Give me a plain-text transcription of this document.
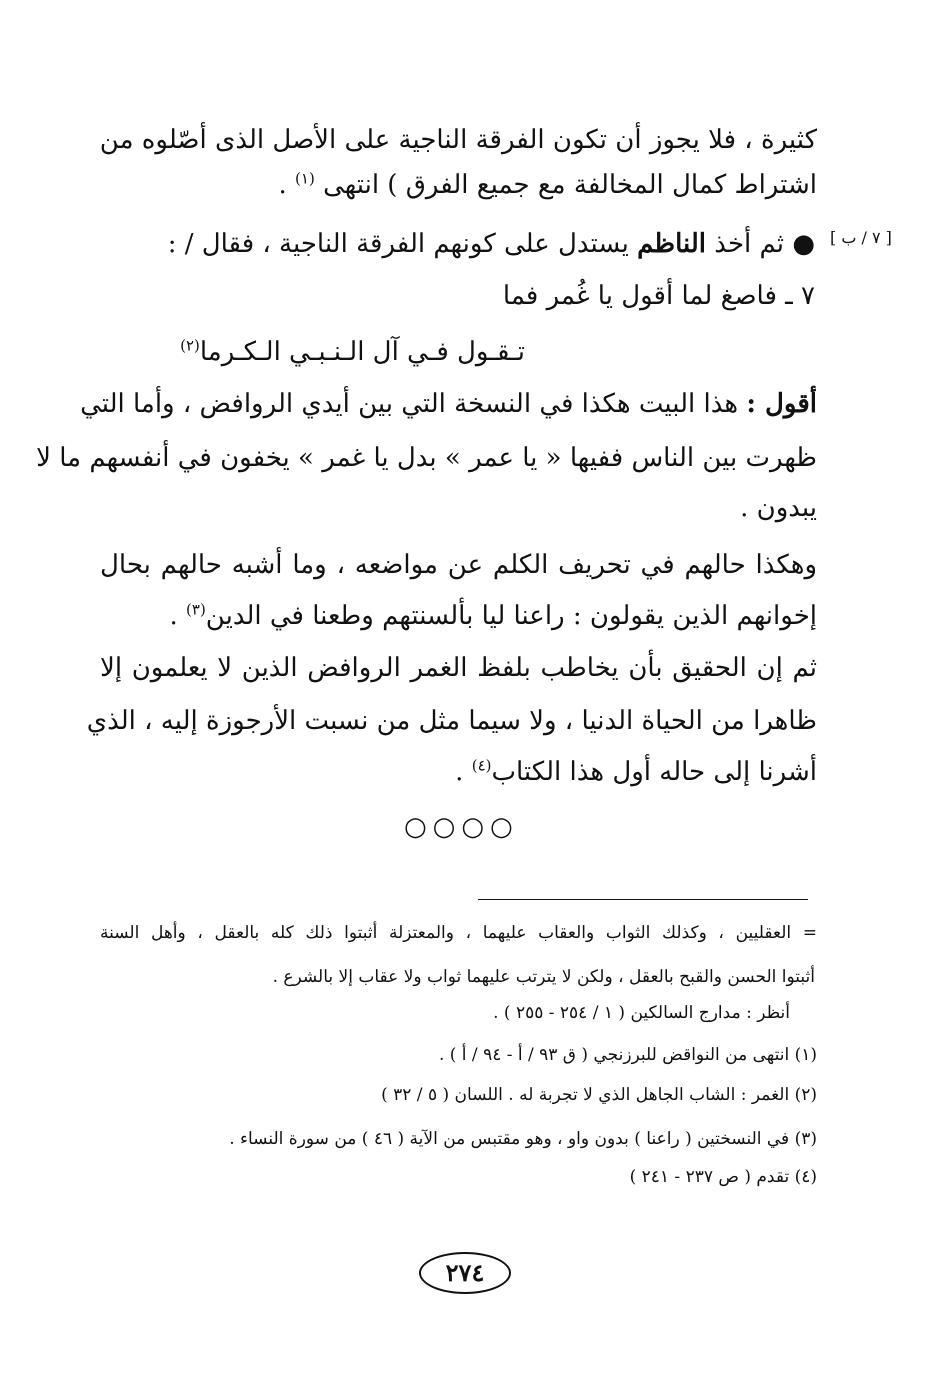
كثيرة ، فلا يجوز أن تكون الفرقة الناجية على الأصل الذى أصّلوه من
اشتراط كمال المخالفة مع جميع الفرق ) انتهى $^{(١)}$ .
[ ٧ / ب ]
● ثم أخذ الناظم يستدل على كونهم الفرقة الناجية ، فقال / :
٧ ـ فاصغ لما أقول يا غُمر فما
تـقـول فـي آل الـنـبـي الـكـرما$^{(٢)}$
أقول : هذا البيت هكذا في النسخة التي بين أيدي الروافض ، وأما التي
ظهرت بين الناس ففيها « يا عمر » بدل يا غمر » يخفون في أنفسهم ما لا
يبدون .
وهكذا حالهم في تحريف الكلم عن مواضعه ، وما أشبه حالهم بحال
إخوانهم الذين يقولون : راعنا ليا بألسنتهم وطعنا في الدين$^{(٣)}$ .
ثم إن الحقيق بأن يخاطب بلفظ الغمر الروافض الذين لا يعلمون إلا
ظاهرا من الحياة الدنيا ، ولا سيما مثل من نسبت الأرجوزة إليه ، الذي
أشرنا إلى حاله أول هذا الكتاب$^{(٤)}$ .
○○○○
= العقليين ، وكذلك الثواب والعقاب عليهما ، والمعتزلة أثبتوا ذلك كله بالعقل ، وأهل السنة
أثبتوا الحسن والقبح بالعقل ، ولكن لا يترتب عليهما ثواب ولا عقاب إلا بالشرع .
أنظر : مدارج السالكين ( ١ / ٢٥٤ - ٢٥٥ ) .
(١) انتهى من النواقض للبرزنجي ( ق ٩٣ / أ - ٩٤ / أ ) .
(٢) الغمر : الشاب الجاهل الذي لا تجربة له . اللسان ( ٥ / ٣٢ )
(٣) في النسختين ( راعنا ) بدون واو ، وهو مقتبس من الآية ( ٤٦ ) من سورة النساء .
(٤) تقدم ( ص ٢٣٧ - ٢٤١ )
٢٧٤
